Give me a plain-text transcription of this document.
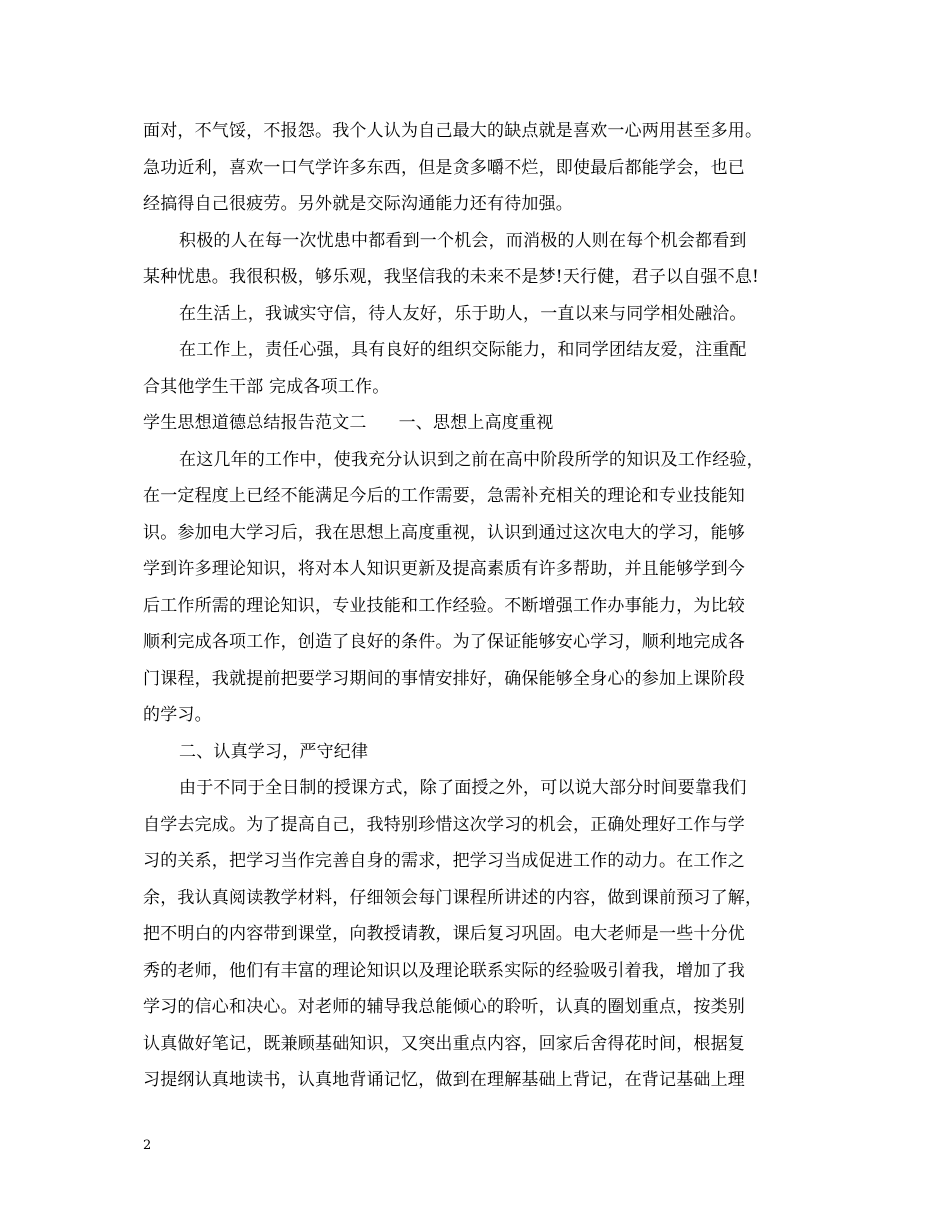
面对，不气馁，不报怨。我个人认为自己最大的缺点就是喜欢一心两用甚至多用。
急功近利，喜欢一口气学许多东西，但是贪多嚼不烂，即使最后都能学会，也已
经搞得自己很疲劳。另外就是交际沟通能力还有待加强。
积极的人在每一次忧患中都看到一个机会，而消极的人则在每个机会都看到
某种忧患。我很积极，够乐观，我坚信我的未来不是梦!天行健，君子以自强不息!
在生活上，我诚实守信，待人友好，乐于助人，一直以来与同学相处融洽。
在工作上，责任心强，具有良好的组织交际能力，和同学团结友爱，注重配
合其他学生干部 完成各项工作。
学生思想道德总结报告范文二 一、思想上高度重视
在这几年的工作中，使我充分认识到之前在高中阶段所学的知识及工作经验，
在一定程度上已经不能满足今后的工作需要，急需补充相关的理论和专业技能知
识。参加电大学习后，我在思想上高度重视，认识到通过这次电大的学习，能够
学到许多理论知识，将对本人知识更新及提高素质有许多帮助，并且能够学到今
后工作所需的理论知识，专业技能和工作经验。不断增强工作办事能力，为比较
顺利完成各项工作，创造了良好的条件。为了保证能够安心学习，顺利地完成各
门课程，我就提前把要学习期间的事情安排好，确保能够全身心的参加上课阶段
的学习。
二、认真学习，严守纪律
由于不同于全日制的授课方式，除了面授之外，可以说大部分时间要靠我们
自学去完成。为了提高自己，我特别珍惜这次学习的机会，正确处理好工作与学
习的关系，把学习当作完善自身的需求，把学习当成促进工作的动力。在工作之
余，我认真阅读教学材料，仔细领会每门课程所讲述的内容，做到课前预习了解，
把不明白的内容带到课堂，向教授请教，课后复习巩固。电大老师是一些十分优
秀的老师，他们有丰富的理论知识以及理论联系实际的经验吸引着我，增加了我
学习的信心和决心。对老师的辅导我总能倾心的聆听，认真的圈划重点，按类别
认真做好笔记，既兼顾基础知识，又突出重点内容，回家后舍得花时间，根据复
习提纲认真地读书，认真地背诵记忆，做到在理解基础上背记，在背记基础上理
2
